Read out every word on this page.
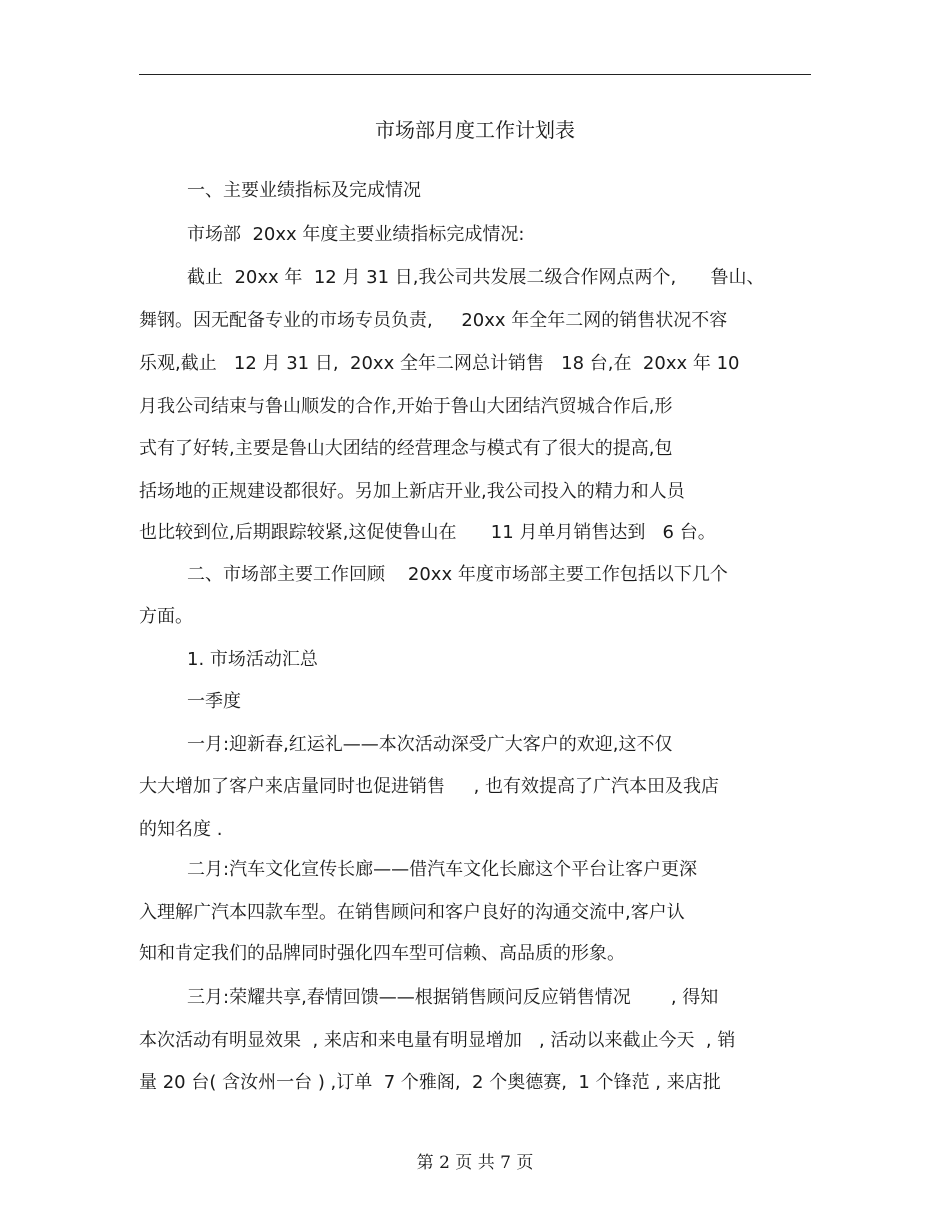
市场部月度工作计划表
一、主要业绩指标及完成情况
市场部  20xx 年度主要业绩指标完成情况:
截止  20xx 年  12 月 31 日,我公司共发展二级合作网点两个,      鲁山、
舞钢。因无配备专业的市场专员负责,     20xx 年全年二网的销售状况不容
乐观,截止   12 月 31 日,  20xx 全年二网总计销售   18 台,在  20xx 年 10
月我公司结束与鲁山顺发的合作,开始于鲁山大团结汽贸城合作后,形
式有了好转,主要是鲁山大团结的经营理念与模式有了很大的提高,包
括场地的正规建设都很好。另加上新店开业,我公司投入的精力和人员
也比较到位,后期跟踪较紧,这促使鲁山在      11 月单月销售达到   6 台。
二、市场部主要工作回顾    20xx 年度市场部主要工作包括以下几个
方面。
1. 市场活动汇总
一季度
一月:迎新春,红运礼——本次活动深受广大客户的欢迎,这不仅
大大增加了客户来店量同时也促进销售     , 也有效提高了广汽本田及我店
的知名度 .
二月:汽车文化宣传长廊——借汽车文化长廊这个平台让客户更深
入理解广汽本四款车型。在销售顾问和客户良好的沟通交流中,客户认
知和肯定我们的品牌同时强化四车型可信赖、高品质的形象。
三月:荣耀共享,春情回馈——根据销售顾问反应销售情况       , 得知
本次活动有明显效果  , 来店和来电量有明显增加   , 活动以来截止今天  , 销
量 20 台( 含汝州一台 ) ,订单  7 个雅阁,  2 个奥德赛,  1 个锋范 , 来店批
第 2 页 共 7 页
